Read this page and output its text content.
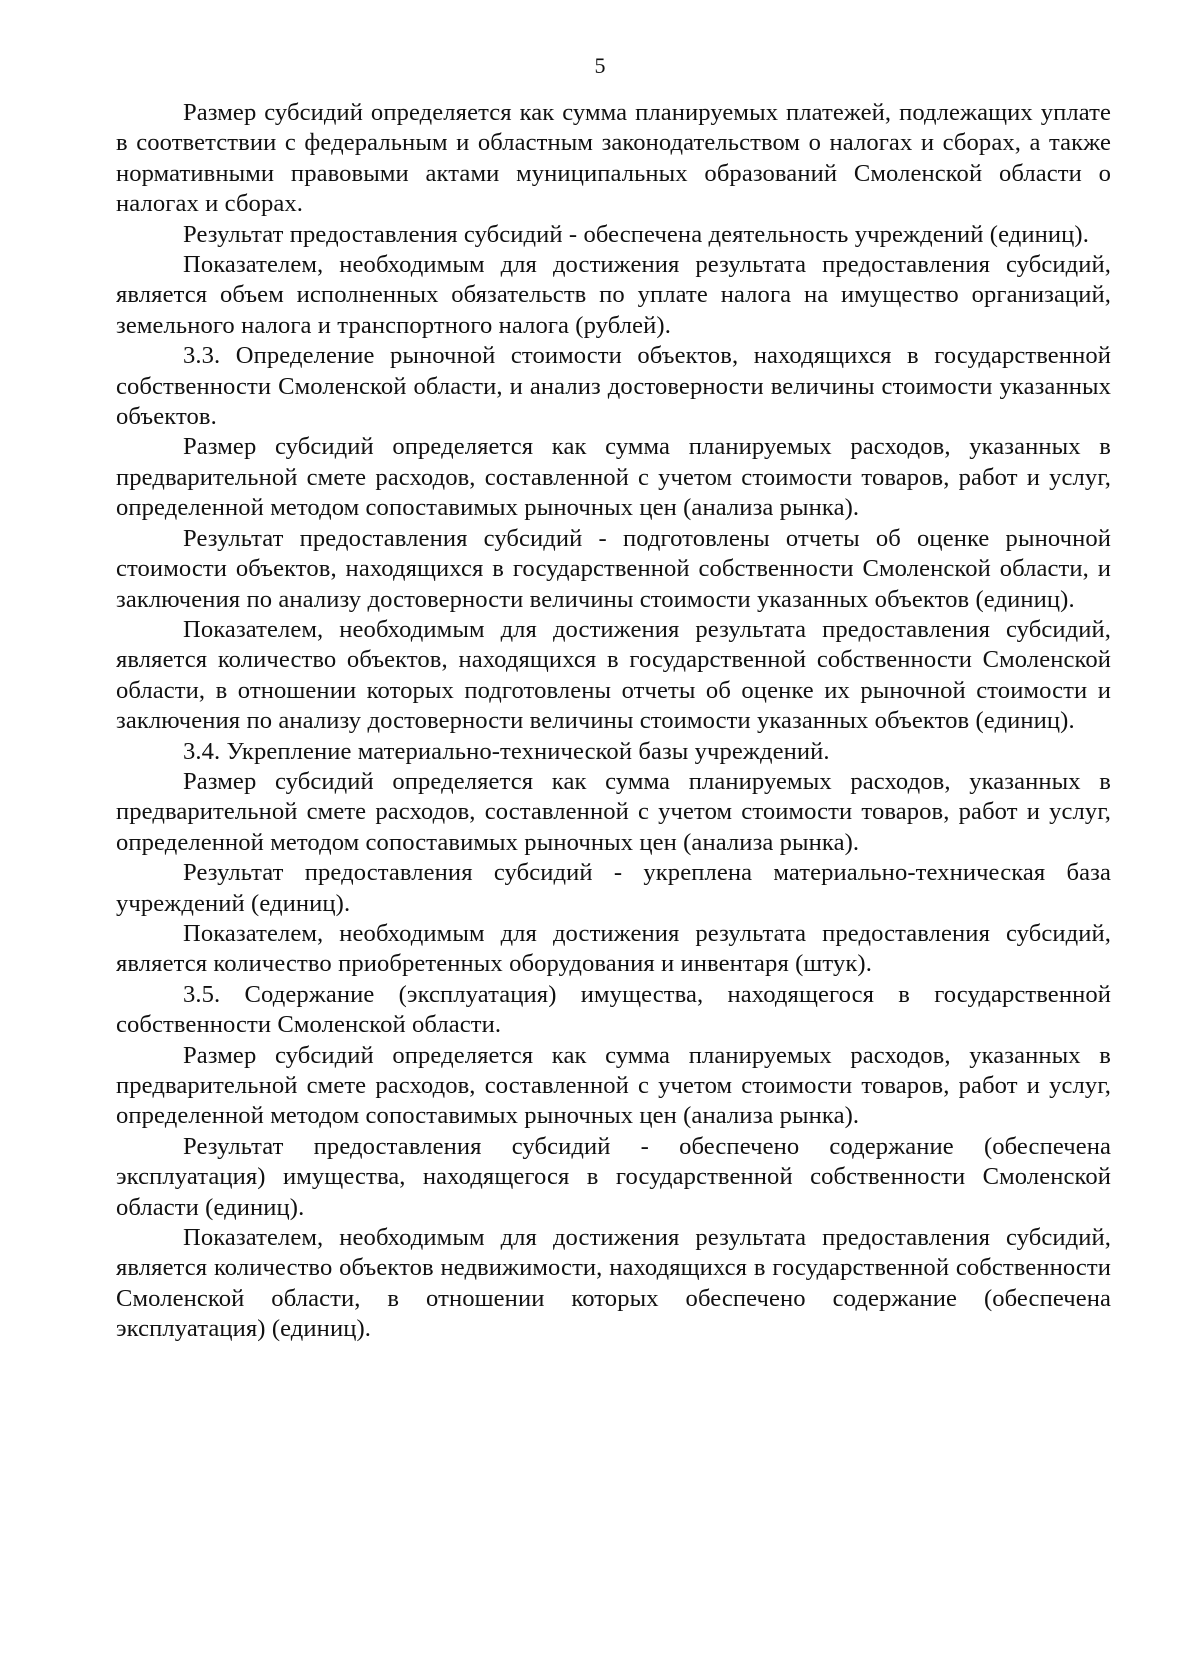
5

Размер субсидий определяется как сумма планируемых платежей, подлежащих уплате в соответствии с федеральным и областным законодательством о налогах и сборах, а также нормативными правовыми актами муниципальных образований Смоленской области о налогах и сборах.

Результат предоставления субсидий - обеспечена деятельность учреждений (единиц).

Показателем, необходимым для достижения результата предоставления субсидий, является объем исполненных обязательств по уплате налога на имущество организаций, земельного налога и транспортного налога (рублей).

3.3. Определение рыночной стоимости объектов, находящихся в государственной собственности Смоленской области, и анализ достоверности величины стоимости указанных объектов.

Размер субсидий определяется как сумма планируемых расходов, указанных в предварительной смете расходов, составленной с учетом стоимости товаров, работ и услуг, определенной методом сопоставимых рыночных цен (анализа рынка).

Результат предоставления субсидий - подготовлены отчеты об оценке рыночной стоимости объектов, находящихся в государственной собственности Смоленской области, и заключения по анализу достоверности величины стоимости указанных объектов (единиц).

Показателем, необходимым для достижения результата предоставления субсидий, является количество объектов, находящихся в государственной собственности Смоленской области, в отношении которых подготовлены отчеты об оценке их рыночной стоимости и заключения по анализу достоверности величины стоимости указанных объектов (единиц).

3.4. Укрепление материально-технической базы учреждений.

Размер субсидий определяется как сумма планируемых расходов, указанных в предварительной смете расходов, составленной с учетом стоимости товаров, работ и услуг, определенной методом сопоставимых рыночных цен (анализа рынка).

Результат предоставления субсидий - укреплена материально-техническая база учреждений (единиц).

Показателем, необходимым для достижения результата предоставления субсидий, является количество приобретенных оборудования и инвентаря (штук).

3.5. Содержание (эксплуатация) имущества, находящегося в государственной собственности Смоленской области.

Размер субсидий определяется как сумма планируемых расходов, указанных в предварительной смете расходов, составленной с учетом стоимости товаров, работ и услуг, определенной методом сопоставимых рыночных цен (анализа рынка).

Результат предоставления субсидий - обеспечено содержание (обеспечена эксплуатация) имущества, находящегося в государственной собственности Смоленской области (единиц).

Показателем, необходимым для достижения результата предоставления субсидий, является количество объектов недвижимости, находящихся в государственной собственности Смоленской области, в отношении которых обеспечено содержание (обеспечена эксплуатация) (единиц).
